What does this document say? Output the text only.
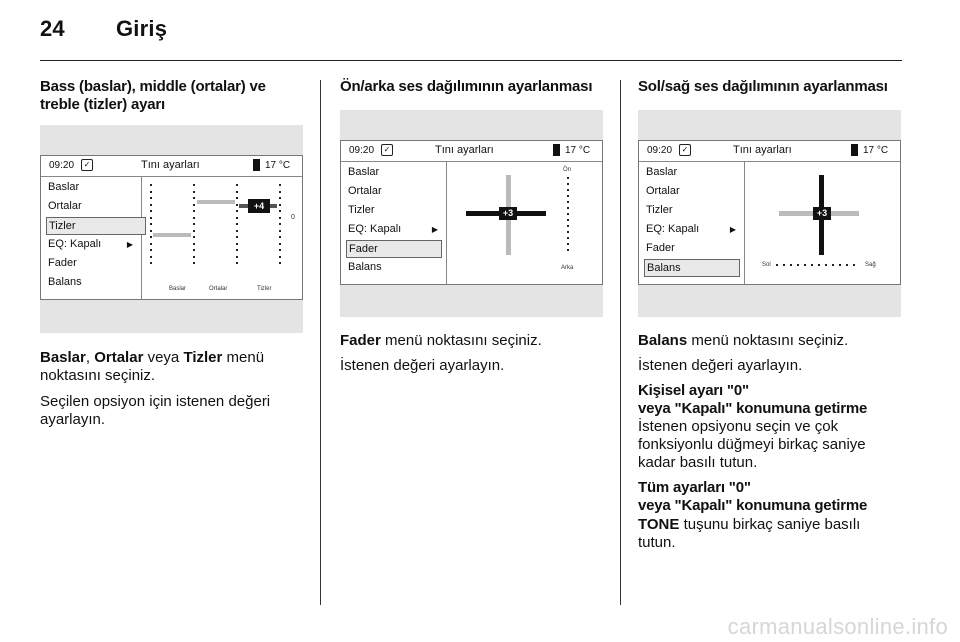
24 Giriş
Bass (baslar), middle (ortalar) ve
treble (tizler) ayarı
09:20	✓	Tını ayarları	17 °C
Baslar
Ortalar
Tizler
EQ: Kapalı	▶
Fader
Balans
+4
0
Baslar	Ortalar	Tizler

Baslar, Ortalar veya Tizler menü
noktasını seçiniz.

Seçilen opsiyon için istenen değeri
ayarlayın.

Ön/arka ses dağılımının ayarlanması
09:20	✓	Tını ayarları	17 °C
Baslar
Ortalar
Tizler
EQ: Kapalı	▶
Fader
Balans
+3
Ön
Arka

Fader menü noktasını seçiniz.

İstenen değeri ayarlayın.

Sol/sağ ses dağılımının ayarlanması
09:20	✓	Tını ayarları	17 °C
Baslar
Ortalar
Tizler
EQ: Kapalı	▶
Fader
Balans
+3
Sol	Sağ

Balans menü noktasını seçiniz.

İstenen değeri ayarlayın.

Kişisel ayarı "0"
veya "Kapalı" konumuna getirme

İstenen opsiyonu seçin ve çok
fonksiyonlu düğmeyi birkaç saniye
kadar basılı tutun.

Tüm ayarları "0"
veya "Kapalı" konumuna getirme

TONE tuşunu birkaç saniye basılı
tutun.

carmanualsonline.info
